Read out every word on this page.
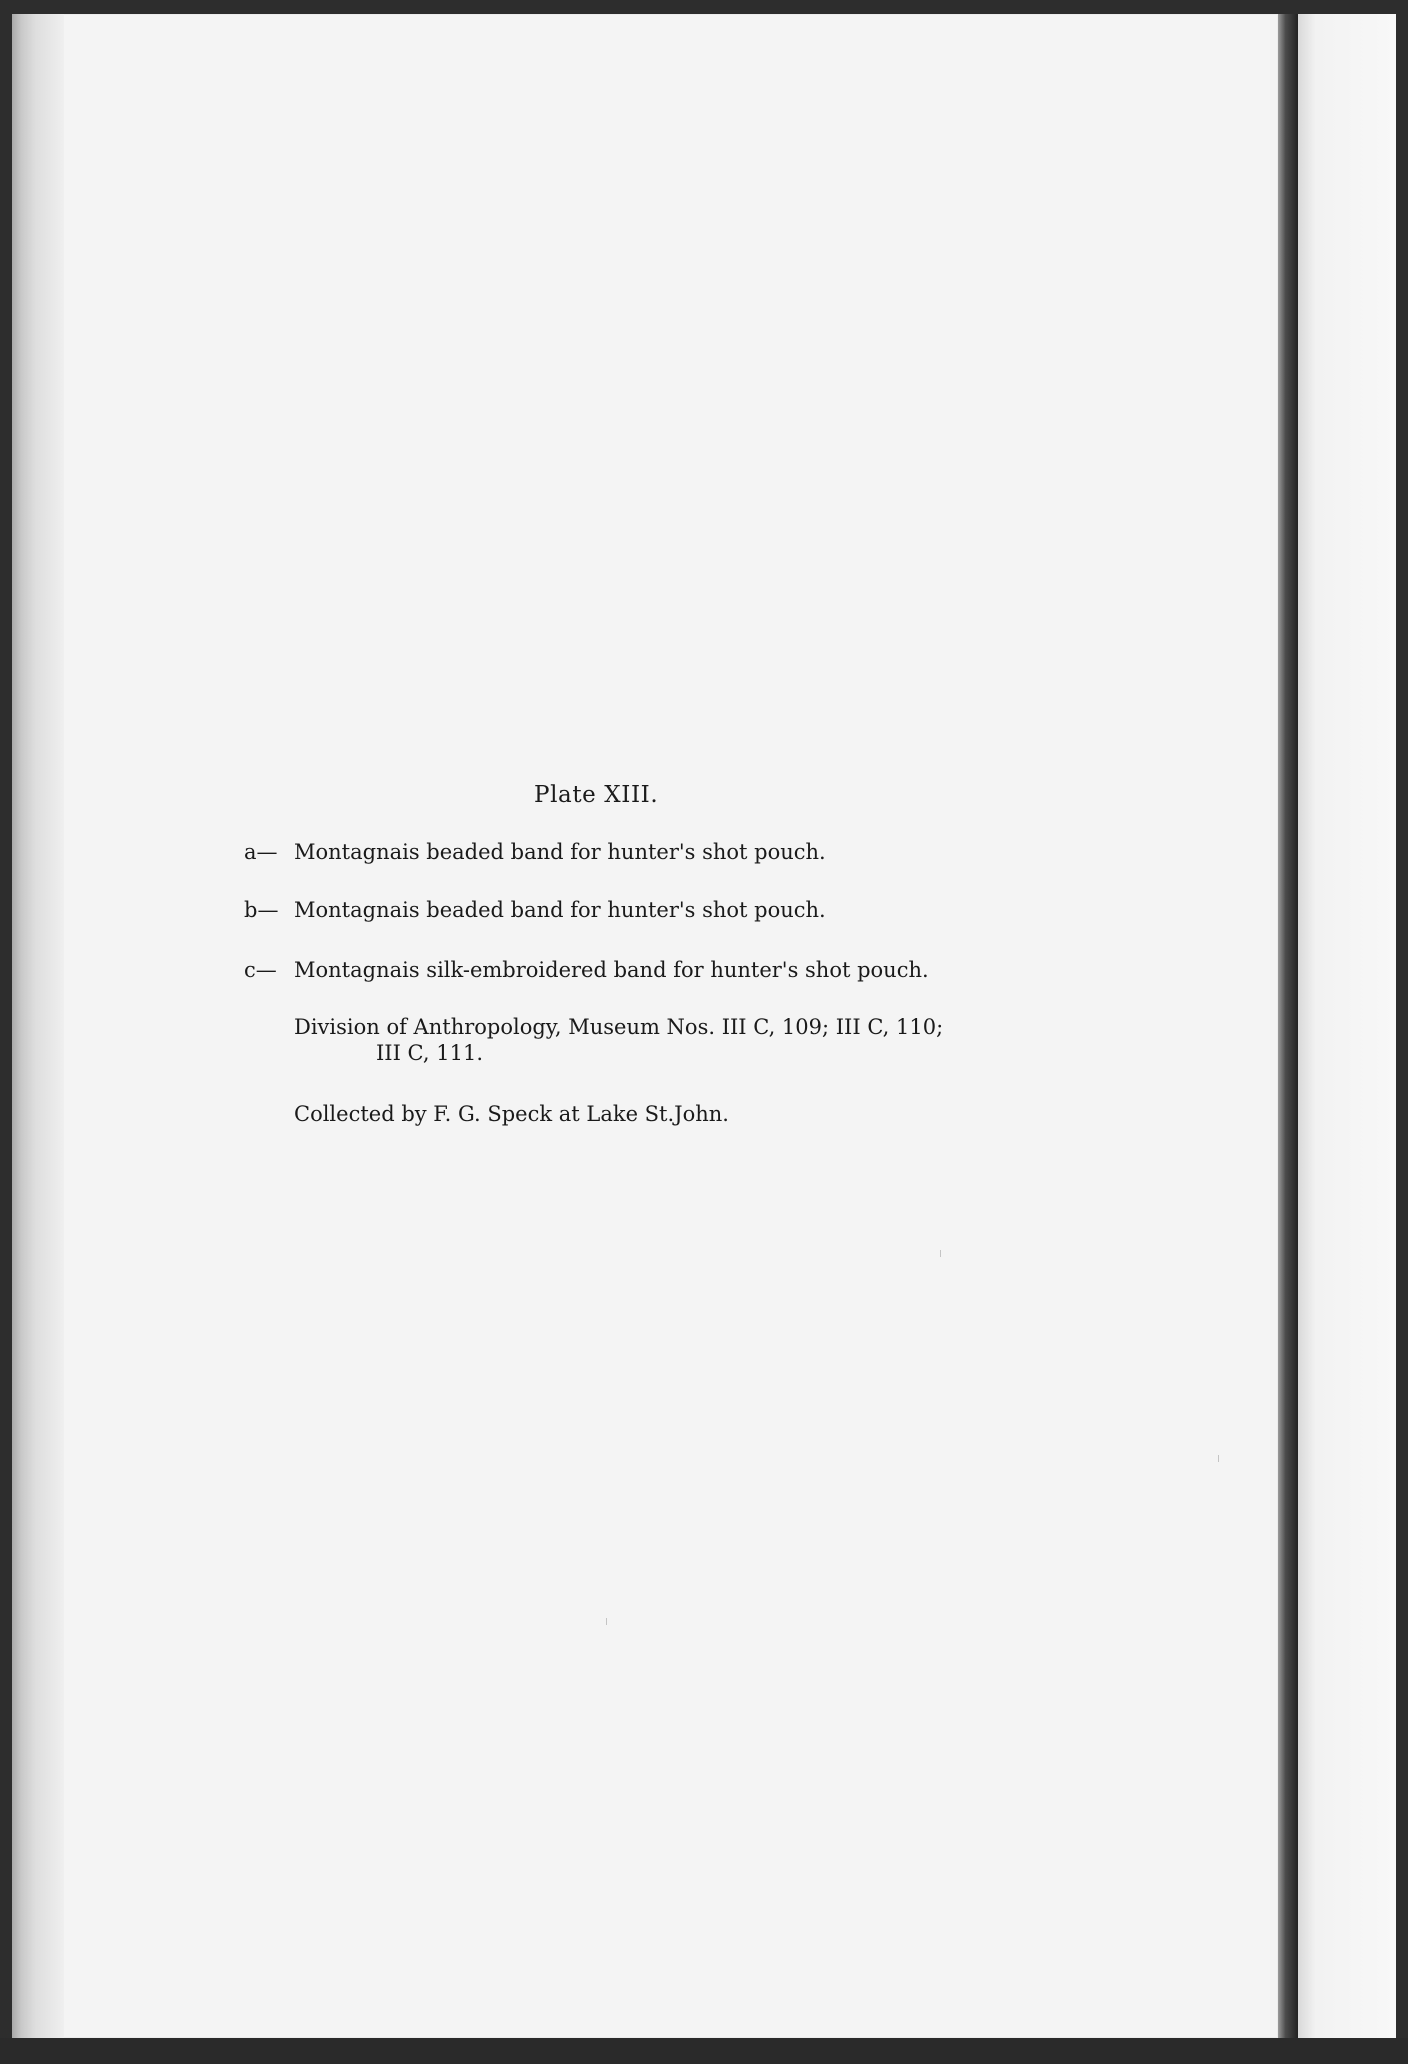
Plate XIII.
a— Montagnais beaded band for hunter's shot pouch.
b— Montagnais beaded band for hunter's shot pouch.
c— Montagnais silk-embroidered band for hunter's shot pouch.
Division of Anthropology, Museum Nos. III C, 109; III C, 110;
III C, 111.
Collected by F. G. Speck at Lake St.John.
